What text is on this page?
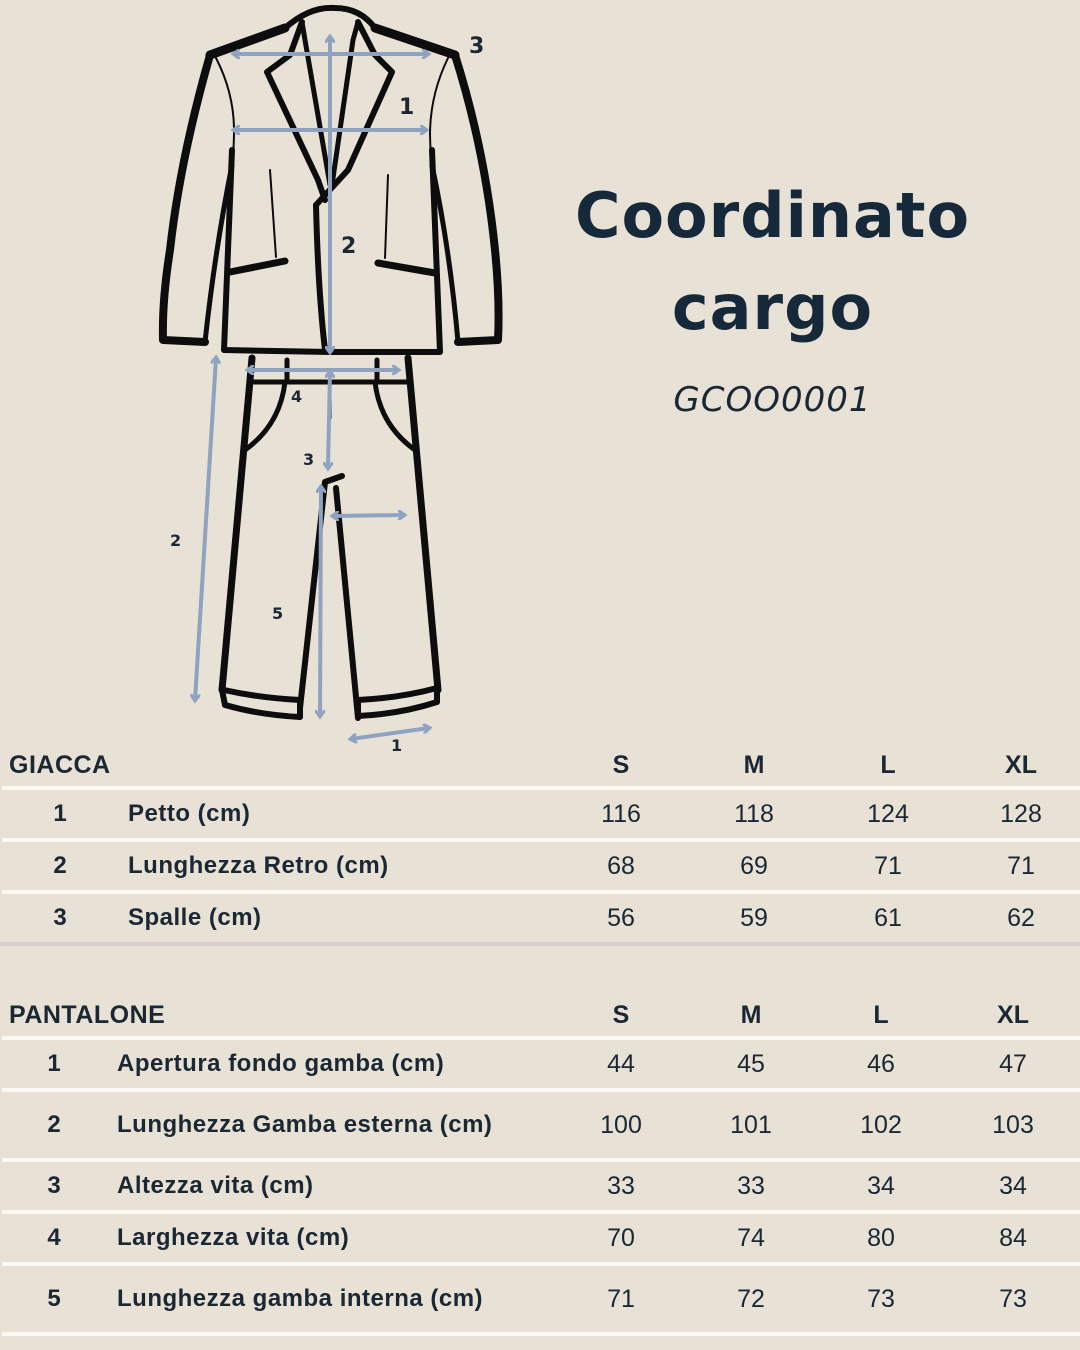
3
1
2
4
3
2
5
1
Coordinato
cargo
GCOO0001
GIACCA	S	M	L	XL
1	Petto (cm)	116	118	124	128
2	Lunghezza Retro (cm)	68	69	71	71
3	Spalle (cm)	56	59	61	62
PANTALONE	S	M	L	XL
1	Apertura fondo gamba (cm)	44	45	46	47
2	Lunghezza Gamba esterna (cm)	100	101	102	103
3	Altezza vita (cm)	33	33	34	34
4	Larghezza vita (cm)	70	74	80	84
5	Lunghezza gamba interna (cm)	71	72	73	73
